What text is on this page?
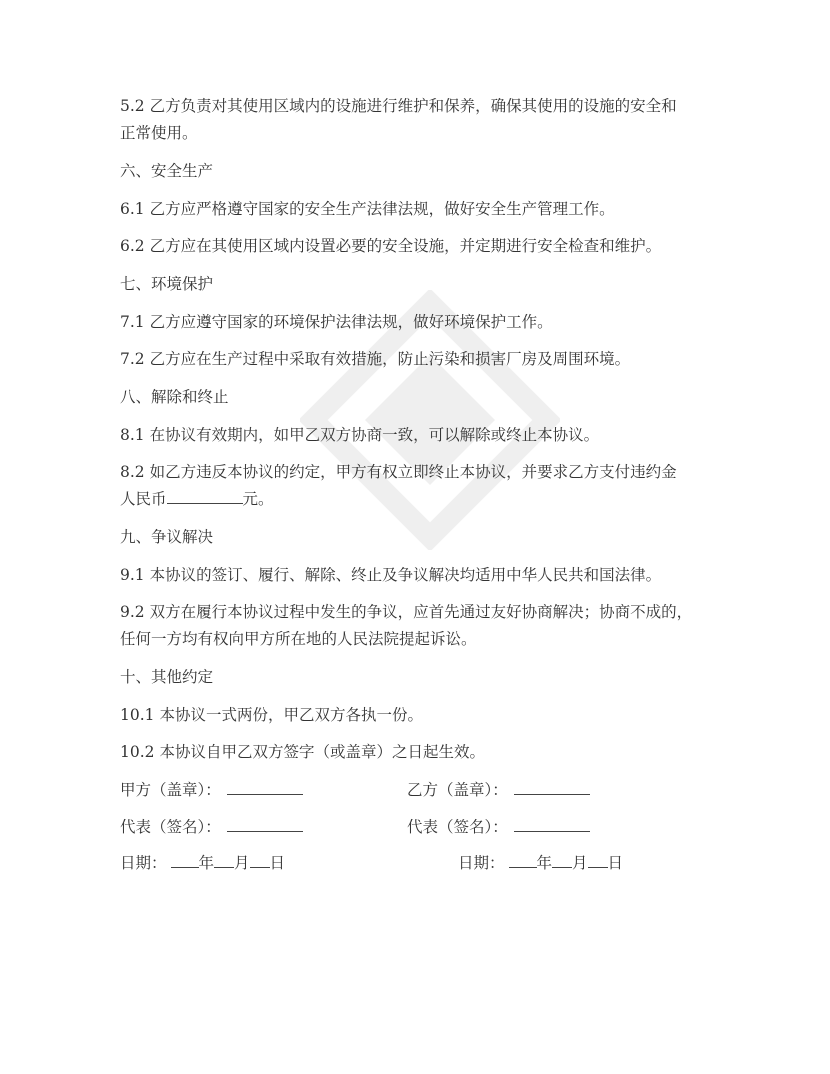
5.2 乙方负责对其使用区域内的设施进行维护和保养，确保其使用的设施的安全和
正常使用。
六、安全生产
6.1 乙方应严格遵守国家的安全生产法律法规，做好安全生产管理工作。
6.2 乙方应在其使用区域内设置必要的安全设施，并定期进行安全检查和维护。
七、环境保护
7.1 乙方应遵守国家的环境保护法律法规，做好环境保护工作。
7.2 乙方应在生产过程中采取有效措施，防止污染和损害厂房及周围环境。
八、解除和终止
8.1 在协议有效期内，如甲乙双方协商一致，可以解除或终止本协议。
8.2 如乙方违反本协议的约定，甲方有权立即终止本协议，并要求乙方支付违约金
人民币	元。
九、争议解决
9.1 本协议的签订、履行、解除、终止及争议解决均适用中华人民共和国法律。
9.2 双方在履行本协议过程中发生的争议，应首先通过友好协商解决；协商不成的，
任何一方均有权向甲方所在地的人民法院提起诉讼。
十、其他约定
10.1 本协议一式两份，甲乙双方各执一份。
10.2 本协议自甲乙双方签字（或盖章）之日起生效。
甲方（盖章）：	乙方（盖章）：
代表（签名）：	代表（签名）：
日期： 年 月 日	日期： 年 月 日
